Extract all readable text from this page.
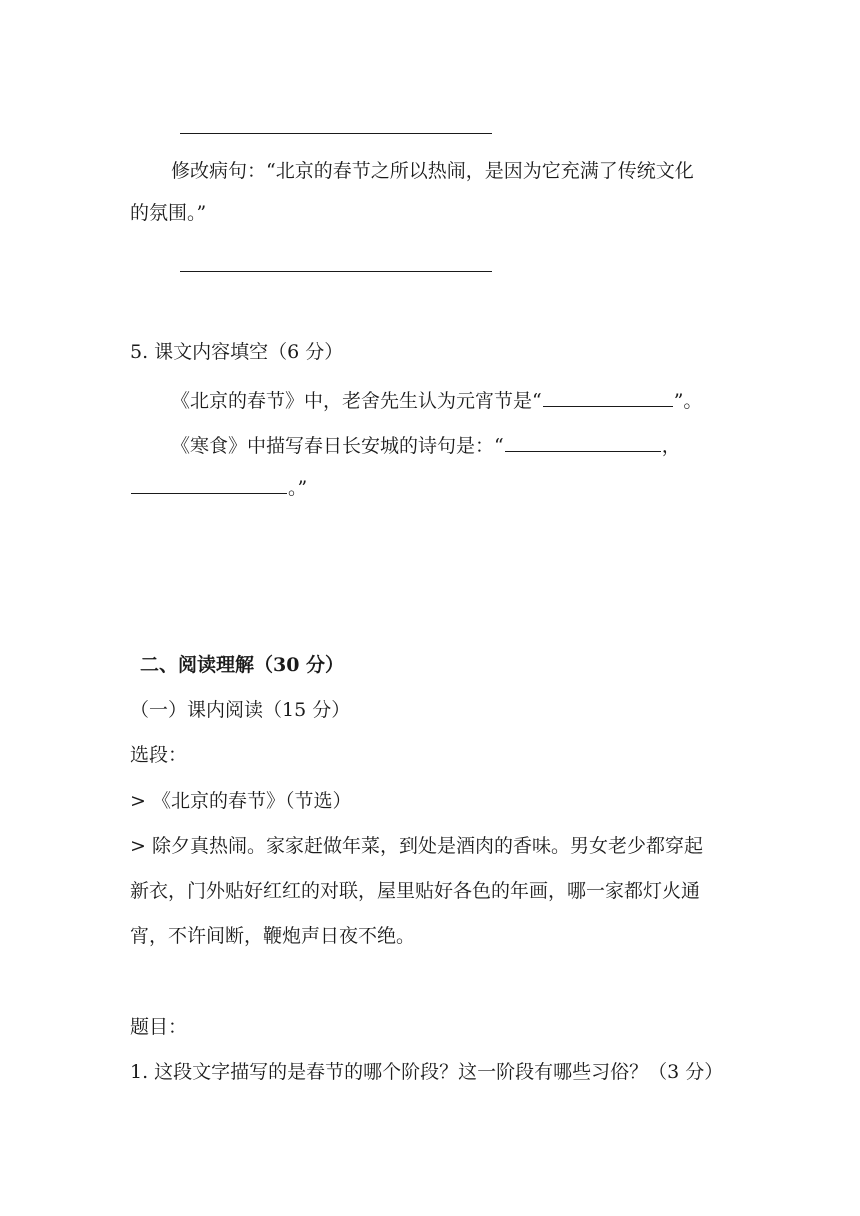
修改病句：“北京的春节之所以热闹，是因为它充满了传统文化
的氛围。”
5. 课文内容填空（6 分）
《北京的春节》中，老舍先生认为元宵节是“	”。
《寒食》中描写春日长安城的诗句是：“	，
。”
二、阅读理解（30 分）
（一）课内阅读（15 分）
选段：
> 《北京的春节》（节选）
> 除夕真热闹。家家赶做年菜，到处是酒肉的香味。男女老少都穿起
新衣，门外贴好红红的对联，屋里贴好各色的年画，哪一家都灯火通
宵，不许间断，鞭炮声日夜不绝。
题目：
1. 这段文字描写的是春节的哪个阶段？这一阶段有哪些习俗？（3 分）
